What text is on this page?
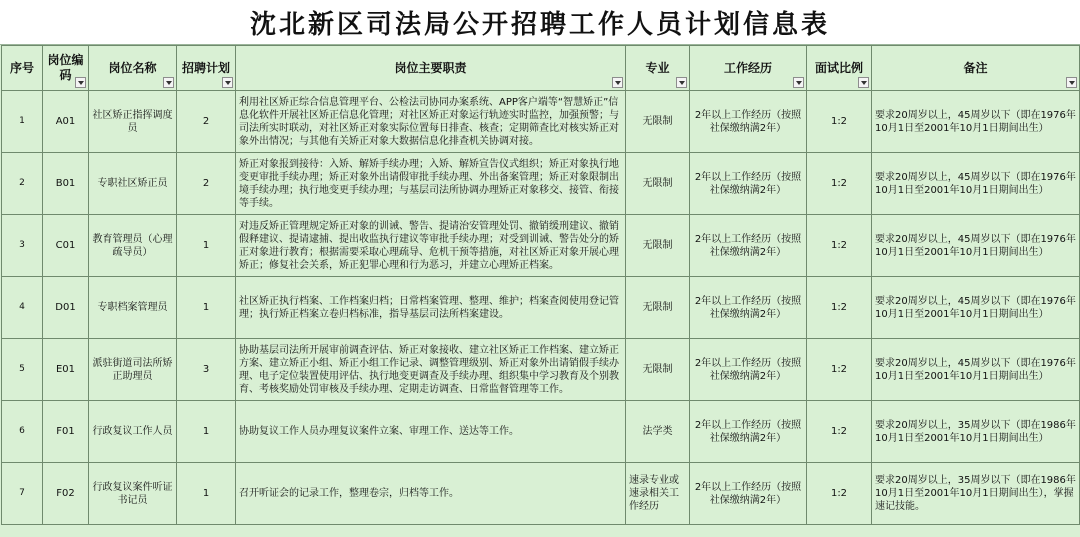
沈北新区司法局公开招聘工作人员计划信息表
序号	岗位编码	岗位名称	招聘计划	岗位主要职责	专业	工作经历	面试比例	备注

1	A01	社区矫正指挥调度员	2	利用社区矫正综合信息管理平台、公检法司协同办案系统、APP客户端等“智慧矫正”信息化软件开展社区矫正信息化管理；对社区矫正对象运行轨迹实时监控，加强预警；与司法所实时联动，对社区矫正对象实际位置每日排查、核查；定期筛查比对核实矫正对象外出情况；与其他有关矫正对象大数据信息化排查机关协调对接。	无限制	2年以上工作经历（按照社保缴纳满2年）	1:2	要求20周岁以上，45周岁以下（即在1976年10月1日至2001年10月1日期间出生）
2	B01	专职社区矫正员	2	矫正对象报到接待：入矫、解矫手续办理；入矫、解矫宣告仪式组织；矫正对象执行地变更审批手续办理；矫正对象外出请假审批手续办理、外出备案管理；矫正对象限制出境手续办理；执行地变更手续办理；与基层司法所协调办理矫正对象移交、接管、衔接等手续。	无限制	2年以上工作经历（按照社保缴纳满2年）	1:2	要求20周岁以上，45周岁以下（即在1976年10月1日至2001年10月1日期间出生）
3	C01	教育管理员（心理疏导员）	1	对违反矫正管理规定矫正对象的训诫、警告、提请治安管理处罚、撤销缓刑建议、撤销假释建议、提请逮捕、提出收监执行建议等审批手续办理；对受到训诫、警告处分的矫正对象进行教育；根据需要采取心理疏导、危机干预等措施，对社区矫正对象开展心理矫正；修复社会关系，矫正犯罪心理和行为恶习，并建立心理矫正档案。	无限制	2年以上工作经历（按照社保缴纳满2年）	1:2	要求20周岁以上，45周岁以下（即在1976年10月1日至2001年10月1日期间出生）
4	D01	专职档案管理员	1	社区矫正执行档案、工作档案归档；日常档案管理、整理、维护；档案查阅使用登记管理；执行矫正档案立卷归档标准，指导基层司法所档案建设。	无限制	2年以上工作经历（按照社保缴纳满2年）	1:2	要求20周岁以上，45周岁以下（即在1976年10月1日至2001年10月1日期间出生）
5	E01	派驻街道司法所矫正助理员	3	协助基层司法所开展审前调查评估、矫正对象接收、建立社区矫正工作档案、建立矫正方案、建立矫正小组、矫正小组工作记录、调整管理级别、矫正对象外出请销假手续办理、电子定位装置使用评估、执行地变更调查及手续办理、组织集中学习教育及个别教育、考核奖励处罚审核及手续办理、定期走访调查、日常监督管理等工作。	无限制	2年以上工作经历（按照社保缴纳满2年）	1:2	要求20周岁以上，45周岁以下（即在1976年10月1日至2001年10月1日期间出生）
6	F01	行政复议工作人员	1	协助复议工作人员办理复议案件立案、审理工作、送达等工作。	法学类	2年以上工作经历（按照社保缴纳满2年）	1:2	要求20周岁以上，35周岁以下（即在1986年10月1日至2001年10月1日期间出生）
7	F02	行政复议案件听证书记员	1	召开听证会的记录工作，整理卷宗，归档等工作。	速录专业或速录相关工作经历	2年以上工作经历（按照社保缴纳满2年）	1:2	要求20周岁以上，35周岁以下（即在1986年10月1日至2001年10月1日期间出生），掌握速记技能。
